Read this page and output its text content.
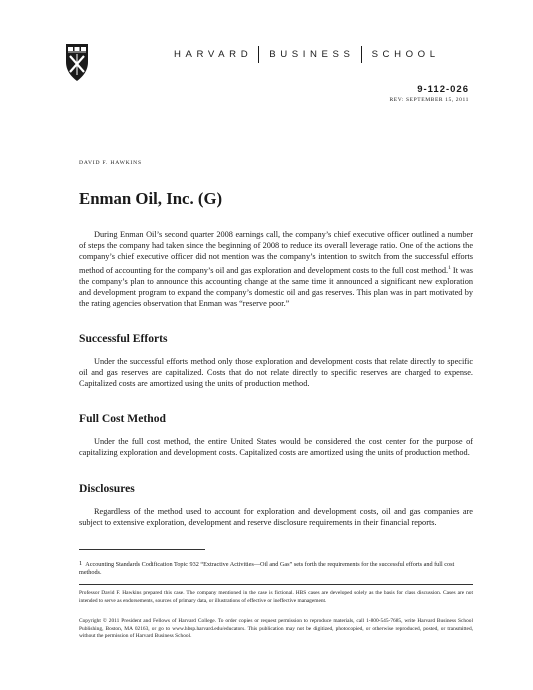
HARVARD BUSINESS SCHOOL
9-112-026
REV: SEPTEMBER 15, 2011
DAVID F. HAWKINS
Enman Oil, Inc. (G)

During Enman Oil’s second quarter 2008 earnings call, the company’s chief executive officer outlined a number of steps the company had taken since the beginning of 2008 to reduce its overall leverage ratio. One of the actions the company’s chief executive officer did not mention was the company’s intention to switch from the successful efforts method of accounting for the company’s oil and gas exploration and development costs to the full cost method.$^1$ It was the company’s plan to announce this accounting change at the same time it announced a significant new exploration and development program to expand the company’s domestic oil and gas reserves. This plan was in part motivated by the rating agencies observation that Enman was “reserve poor.”

Successful Efforts

Under the successful efforts method only those exploration and development costs that relate directly to specific oil and gas reserves are capitalized. Costs that do not relate directly to specific reserves are charged to expense. Capitalized costs are amortized using the units of production method.

Full Cost Method

Under the full cost method, the entire United States would be considered the cost center for the purpose of capitalizing exploration and development costs. Capitalized costs are amortized using the units of production method.

Disclosures

Regardless of the method used to account for exploration and development costs, oil and gas companies are subject to extensive exploration, development and reserve disclosure requirements in their financial reports.

$^1$ Accounting Standards Codification Topic 932 “Extractive Activities—Oil and Gas” sets forth the requirements for the successful efforts and full cost methods.

Professor David F. Hawkins prepared this case. The company mentioned in the case is fictional. HBS cases are developed solely as the basis for class discussion. Cases are not intended to serve as endorsements, sources of primary data, or illustrations of effective or ineffective management.

Copyright © 2011 President and Fellows of Harvard College. To order copies or request permission to reproduce materials, call 1-800-545-7685, write Harvard Business School Publishing, Boston, MA 02163, or go to www.hbsp.harvard.edu/educators. This publication may not be digitized, photocopied, or otherwise reproduced, posted, or transmitted, without the permission of Harvard Business School.
